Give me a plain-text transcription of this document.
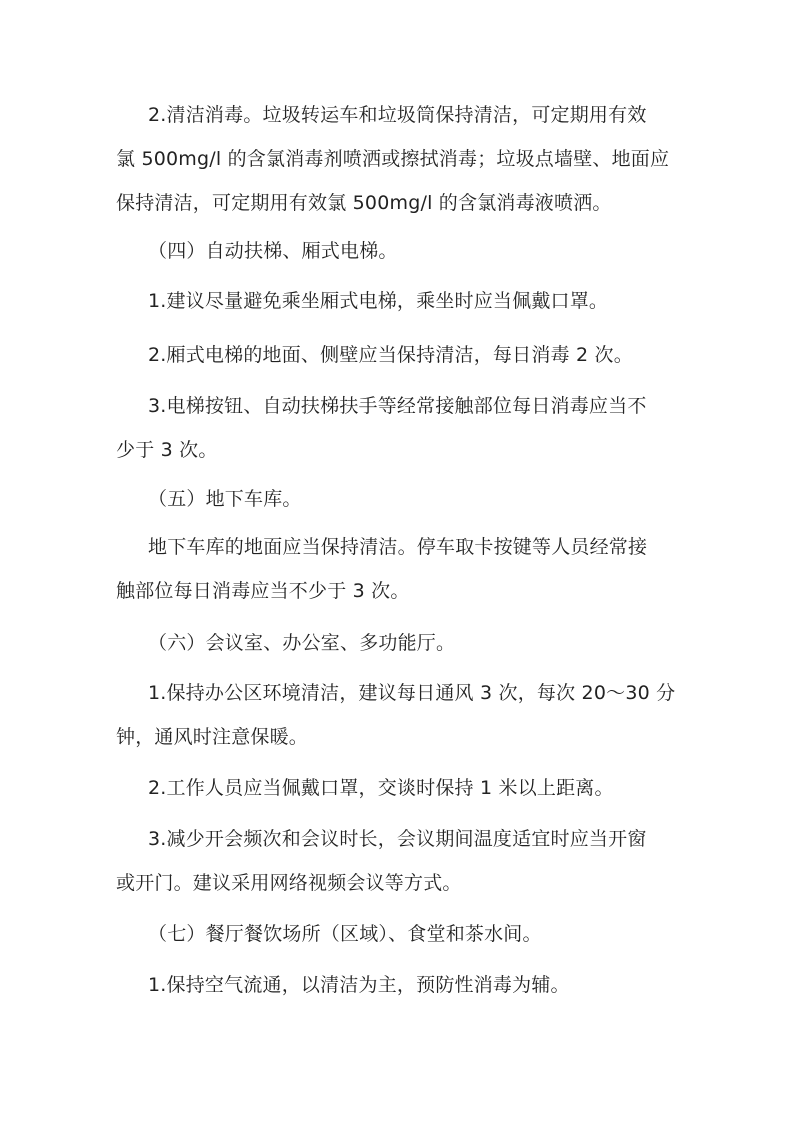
2.清洁消毒。垃圾转运车和垃圾筒保持清洁，可定期用有效
氯 500mg/l 的含氯消毒剂喷洒或擦拭消毒；垃圾点墙壁、地面应
保持清洁，可定期用有效氯 500mg/l 的含氯消毒液喷洒。

（四）自动扶梯、厢式电梯。

1.建议尽量避免乘坐厢式电梯，乘坐时应当佩戴口罩。

2.厢式电梯的地面、侧壁应当保持清洁，每日消毒 2 次。

3.电梯按钮、自动扶梯扶手等经常接触部位每日消毒应当不
少于 3 次。

（五）地下车库。

地下车库的地面应当保持清洁。停车取卡按键等人员经常接
触部位每日消毒应当不少于 3 次。

（六）会议室、办公室、多功能厅。

1.保持办公区环境清洁，建议每日通风 3 次，每次 20～30 分
钟，通风时注意保暖。

2.工作人员应当佩戴口罩，交谈时保持 1 米以上距离。

3.减少开会频次和会议时长，会议期间温度适宜时应当开窗
或开门。建议采用网络视频会议等方式。

（七）餐厅餐饮场所（区域）、食堂和茶水间。

1.保持空气流通，以清洁为主，预防性消毒为辅。
